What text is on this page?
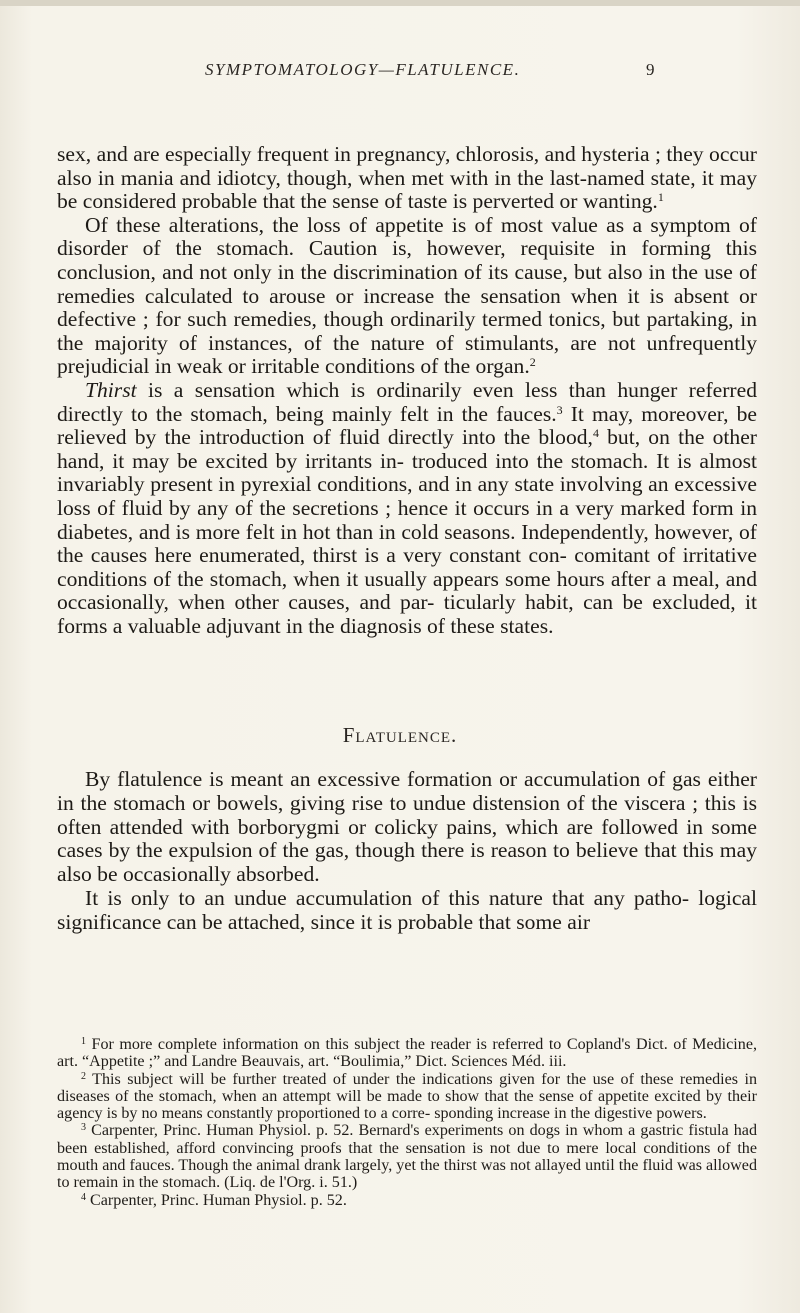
SYMPTOMATOLOGY—FLATULENCE.	9

sex, and are especially frequent in pregnancy, chlorosis, and hysteria ; they occur also in mania and idiotcy, though, when met with in the last-named state, it may be considered probable that the sense of taste is perverted or wanting.$^1$

Of these alterations, the loss of appetite is of most value as a symptom of disorder of the stomach. Caution is, however, requisite in forming this conclusion, and not only in the discrimination of its cause, but also in the use of remedies calculated to arouse or increase the sensation when it is absent or defective ; for such remedies, though ordinarily termed tonics, but partaking, in the majority of instances, of the nature of stimulants, are not unfrequently prejudicial in weak or irritable conditions of the organ.$^2$

Thirst is a sensation which is ordinarily even less than hunger referred directly to the stomach, being mainly felt in the fauces.$^3$ It may, moreover, be relieved by the introduction of fluid directly into the blood,$^4$ but, on the other hand, it may be excited by irritants in- troduced into the stomach. It is almost invariably present in pyrexial conditions, and in any state involving an excessive loss of fluid by any of the secretions ; hence it occurs in a very marked form in diabetes, and is more felt in hot than in cold seasons. Independently, however, of the causes here enumerated, thirst is a very constant con- comitant of irritative conditions of the stomach, when it usually appears some hours after a meal, and occasionally, when other causes, and par- ticularly habit, can be excluded, it forms a valuable adjuvant in the diagnosis of these states.

Flatulence.

By flatulence is meant an excessive formation or accumulation of gas either in the stomach or bowels, giving rise to undue distension of the viscera ; this is often attended with borborygmi or colicky pains, which are followed in some cases by the expulsion of the gas, though there is reason to believe that this may also be occasionally absorbed.

It is only to an undue accumulation of this nature that any patho- logical significance can be attached, since it is probable that some air

$^1$ For more complete information on this subject the reader is referred to Copland's Dict. of Medicine, art. “Appetite ;” and Landre Beauvais, art. “Boulimia,” Dict. Sciences Méd. iii.

$^2$ This subject will be further treated of under the indications given for the use of these remedies in diseases of the stomach, when an attempt will be made to show that the sense of appetite excited by their agency is by no means constantly proportioned to a corre- sponding increase in the digestive powers.

$^3$ Carpenter, Princ. Human Physiol. p. 52. Bernard's experiments on dogs in whom a gastric fistula had been established, afford convincing proofs that the sensation is not due to mere local conditions of the mouth and fauces. Though the animal drank largely, yet the thirst was not allayed until the fluid was allowed to remain in the stomach. (Liq. de l'Org. i. 51.)

$^4$ Carpenter, Princ. Human Physiol. p. 52.
